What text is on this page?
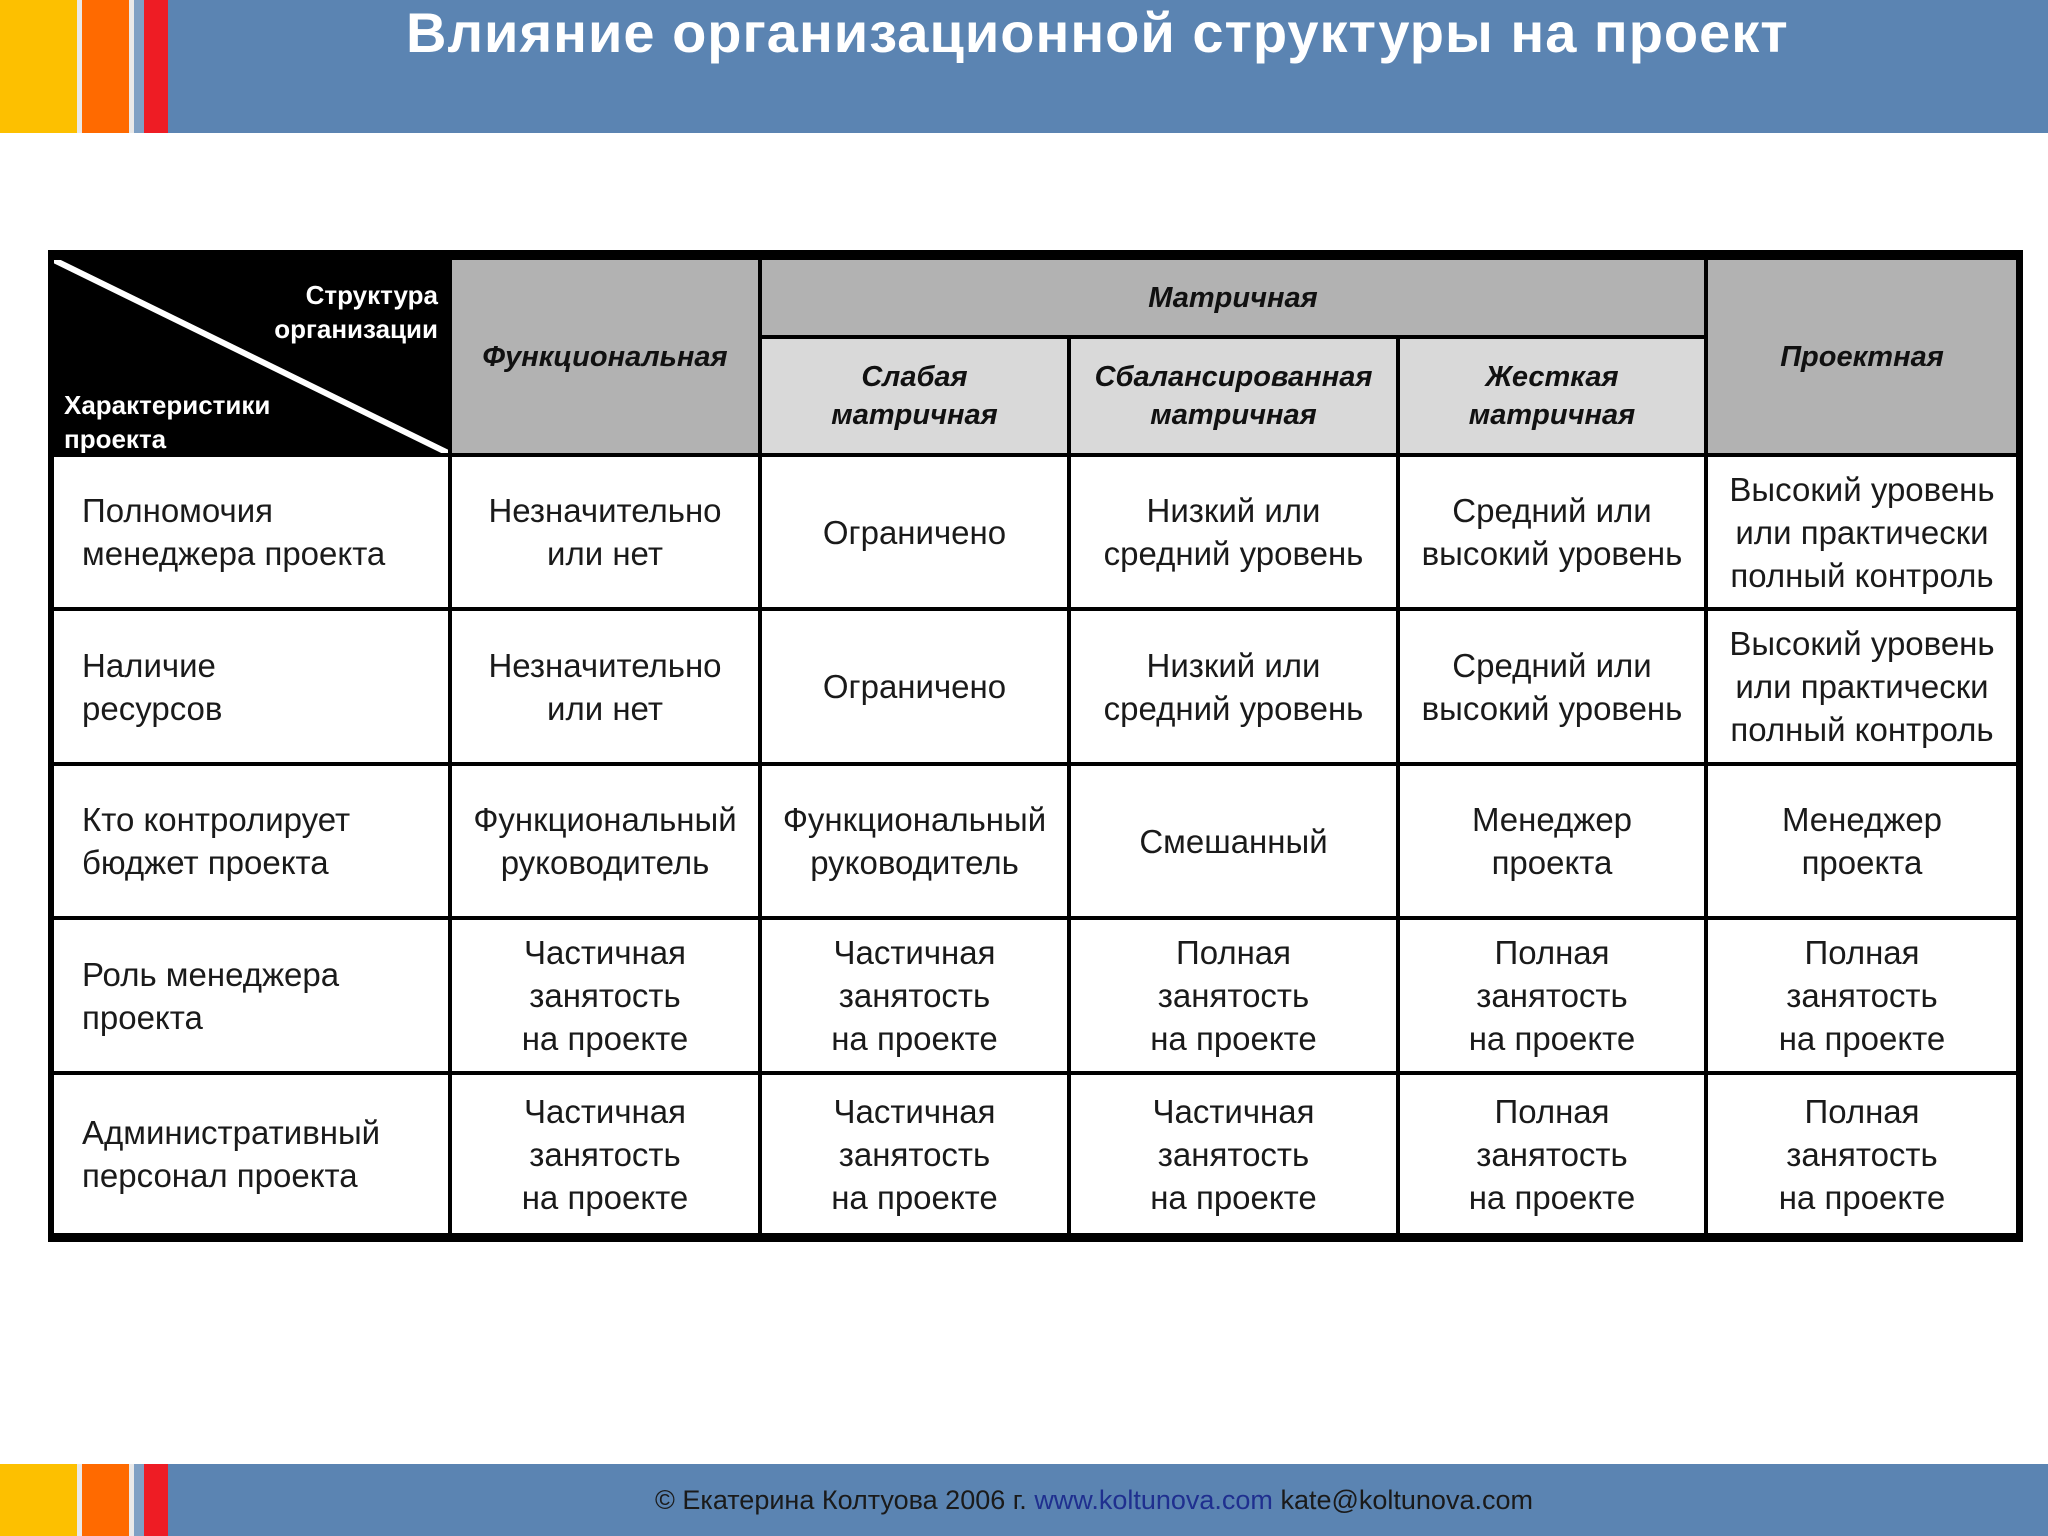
Влияние организационной структуры на проект
Структура
организации
Характеристики
проекта
Функциональная
Матричная
Слабая
матричная
Сбалансированная
матричная
Жесткая
матричная
Проектная
Полномочия
менеджера проекта
Незначительно
или нет
Ограничено
Низкий или
средний уровень
Средний или
высокий уровень
Высокий уровень
или практически
полный контроль
Наличие
ресурсов
Незначительно
или нет
Ограничено
Низкий или
средний уровень
Средний или
высокий уровень
Высокий уровень
или практически
полный контроль
Кто контролирует
бюджет проекта
Функциональный
руководитель
Функциональный
руководитель
Смешанный
Менеджер
проекта
Менеджер
проекта
Роль менеджера
проекта
Частичная
занятость
на проекте
Частичная
занятость
на проекте
Полная
занятость
на проекте
Полная
занятость
на проекте
Полная
занятость
на проекте
Административный
персонал проекта
Частичная
занятость
на проекте
Частичная
занятость
на проекте
Частичная
занятость
на проекте
Полная
занятость
на проекте
Полная
занятость
на проекте
© Екатерина Колтуова 2006 г.
www.koltunova.com
kate@koltunova.com
